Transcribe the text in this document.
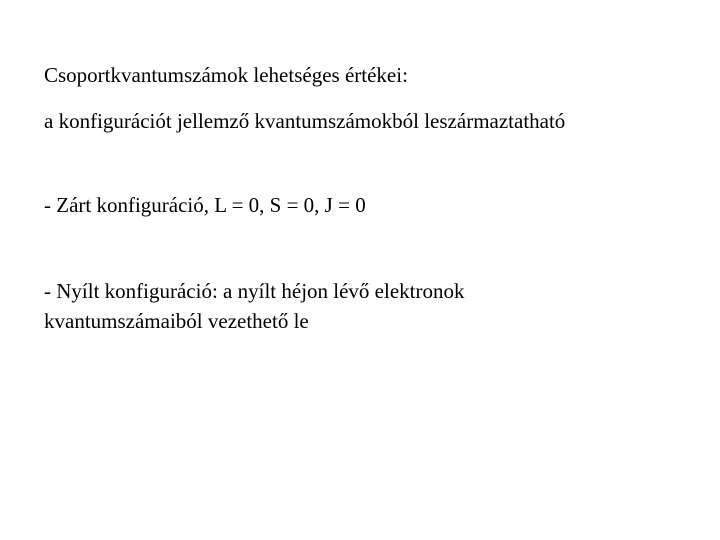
Csoportkvantumszámok lehetséges értékei:

a konfigurációt jellemző kvantumszámokból leszármaztatható

- Zárt konfiguráció, L = 0, S = 0, J = 0

- Nyílt konfiguráció: a nyílt héjon lévő elektronok

kvantumszámaiból vezethető le
